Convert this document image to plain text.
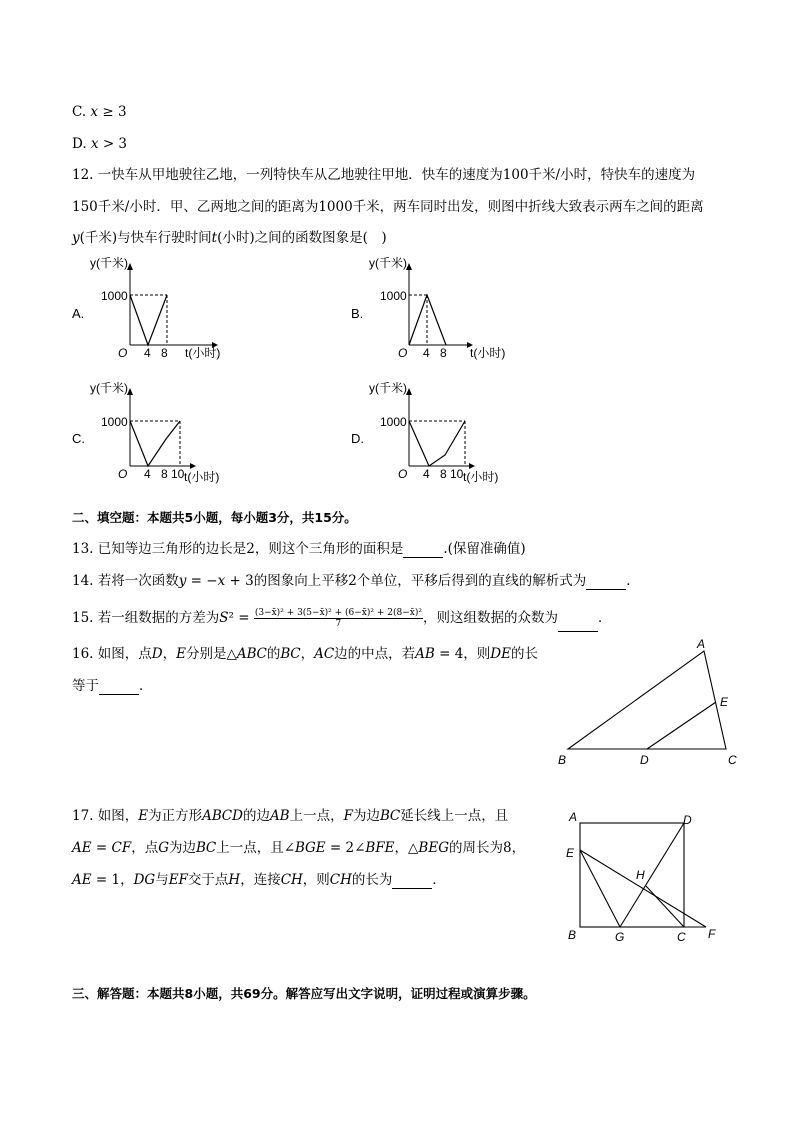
C. 𝑥 ≥ 3
D. 𝑥 > 3
12. 一快车从甲地驶往乙地，一列特快车从乙地驶往甲地．快车的速度为100千米/小时，特快车的速度为
150千米/小时．甲、乙两地之间的距离为1000千米，两车同时出发，则图中折线大致表示两车之间的距离
𝑦(千米)与快车行驶时间𝑡(小时)之间的函数图象是(　)
A.
y(千米)
1000
O 4 8 t(小时)
B.
y(千米)
1000
O 4 8 t(小时)
C.
y(千米)
1000
O 4 8 10 t(小时)
D.
y(千米)
1000
O 4 8 10 t(小时)
二、填空题：本题共5小题，每小题3分，共15分。
13. 已知等边三角形的边长是2，则这个三角形的面积是	.(保留准确值)
14. 若将一次函数𝑦 = −𝑥 + 3的图象向上平移2个单位，平移后得到的直线的解析式为	．
15. 若一组数据的方差为𝑆² = $\frac{\text{(3−x̄)² + 3(5−x̄)² + (6−x̄)² + 2(8−x̄)²}}{7}$ ，则这组数据的众数为	．
16. 如图，点𝐷，𝐸分别是△𝐴𝐵𝐶的𝐵𝐶，𝐴𝐶边的中点，若𝐴𝐵 = 4，则𝐷𝐸的长
等于	．
A
B	C
D
E
17. 如图，𝐸为正方形𝐴𝐵𝐶𝐷的边𝐴𝐵上一点，𝐹为边𝐵𝐶延长线上一点，且
𝐴𝐸 = 𝐶𝐹，点𝐺为边𝐵𝐶上一点，且∠𝐵𝐺𝐸 = 2∠𝐵𝐹𝐸，△𝐵𝐸𝐺的周长为8，
𝐴𝐸 = 1，𝐷𝐺与𝐸𝐹交于点𝐻，连接𝐶𝐻，则𝐶𝐻的长为	．
A	D
E
H
B	G	C F
三、解答题：本题共8小题，共69分。解答应写出文字说明，证明过程或演算步骤。
